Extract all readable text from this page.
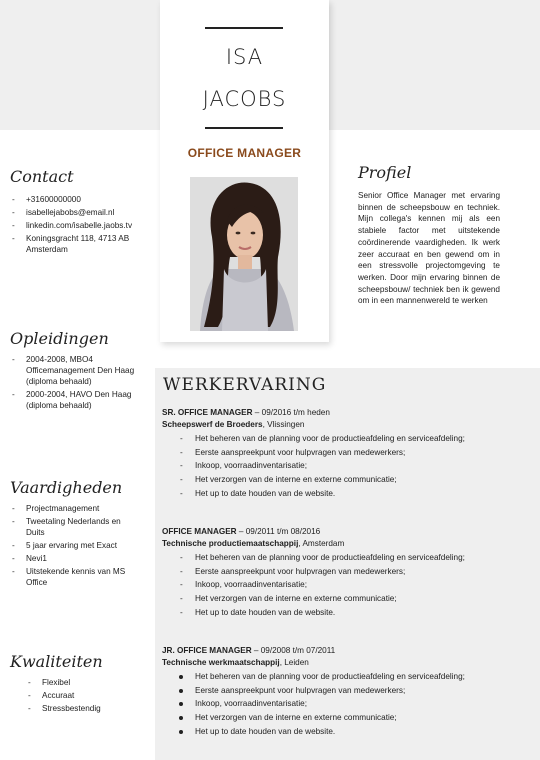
ISA
JACOBS
OFFICE MANAGER
Contact
- +31600000000
- isabellejabobs@email.nl
- linkedin.com/isabelle.jaobs.tv
- Koningsgracht 118, 4713 AB Amsterdam
Opleidingen
- 2004-2008, MBO4 Officemanagement Den Haag (diploma behaald)
- 2000-2004, HAVO Den Haag (diploma behaald)
Vaardigheden
- Projectmanagement
- Tweetaling Nederlands en Duits
- 5 jaar ervaring met Exact
- Nevi1
- Uitstekende kennis van MS Office
Kwaliteiten
- Flexibel
- Accuraat
- Stressbestendig
Profiel
Senior Office Manager met ervaring binnen de scheepsbouw en techniek. Mijn collega's kennen mij als een stabiele factor met uitstekende coördinerende vaardigheden. Ik werk zeer accuraat en ben gewend om in een stressvolle projectomgeving te werken. Door mijn ervaring binnen de scheepsbouw/ techniek ben ik gewend om in een mannenwereld te werken
WERKERVARING
SR. OFFICE MANAGER – 09/2016 t/m heden
Scheepswerf de Broeders, Vlissingen
- Het beheren van de planning voor de productieafdeling en serviceafdeling;
- Eerste aanspreekpunt voor hulpvragen van medewerkers;
- Inkoop, voorraadinventarisatie;
- Het verzorgen van de interne en externe communicatie;
- Het up to date houden van de website.
OFFICE MANAGER – 09/2011 t/m 08/2016
Technische productiemaatschappij, Amsterdam
- Het beheren van de planning voor de productieafdeling en serviceafdeling;
- Eerste aanspreekpunt voor hulpvragen van medewerkers;
- Inkoop, voorraadinventarisatie;
- Het verzorgen van de interne en externe communicatie;
- Het up to date houden van de website.
JR. OFFICE MANAGER – 09/2008 t/m 07/2011
Technische werkmaatschappij, Leiden
Het beheren van de planning voor de productieafdeling en serviceafdeling;
Eerste aanspreekpunt voor hulpvragen van medewerkers;
Inkoop, voorraadinventarisatie;
Het verzorgen van de interne en externe communicatie;
Het up to date houden van de website.
